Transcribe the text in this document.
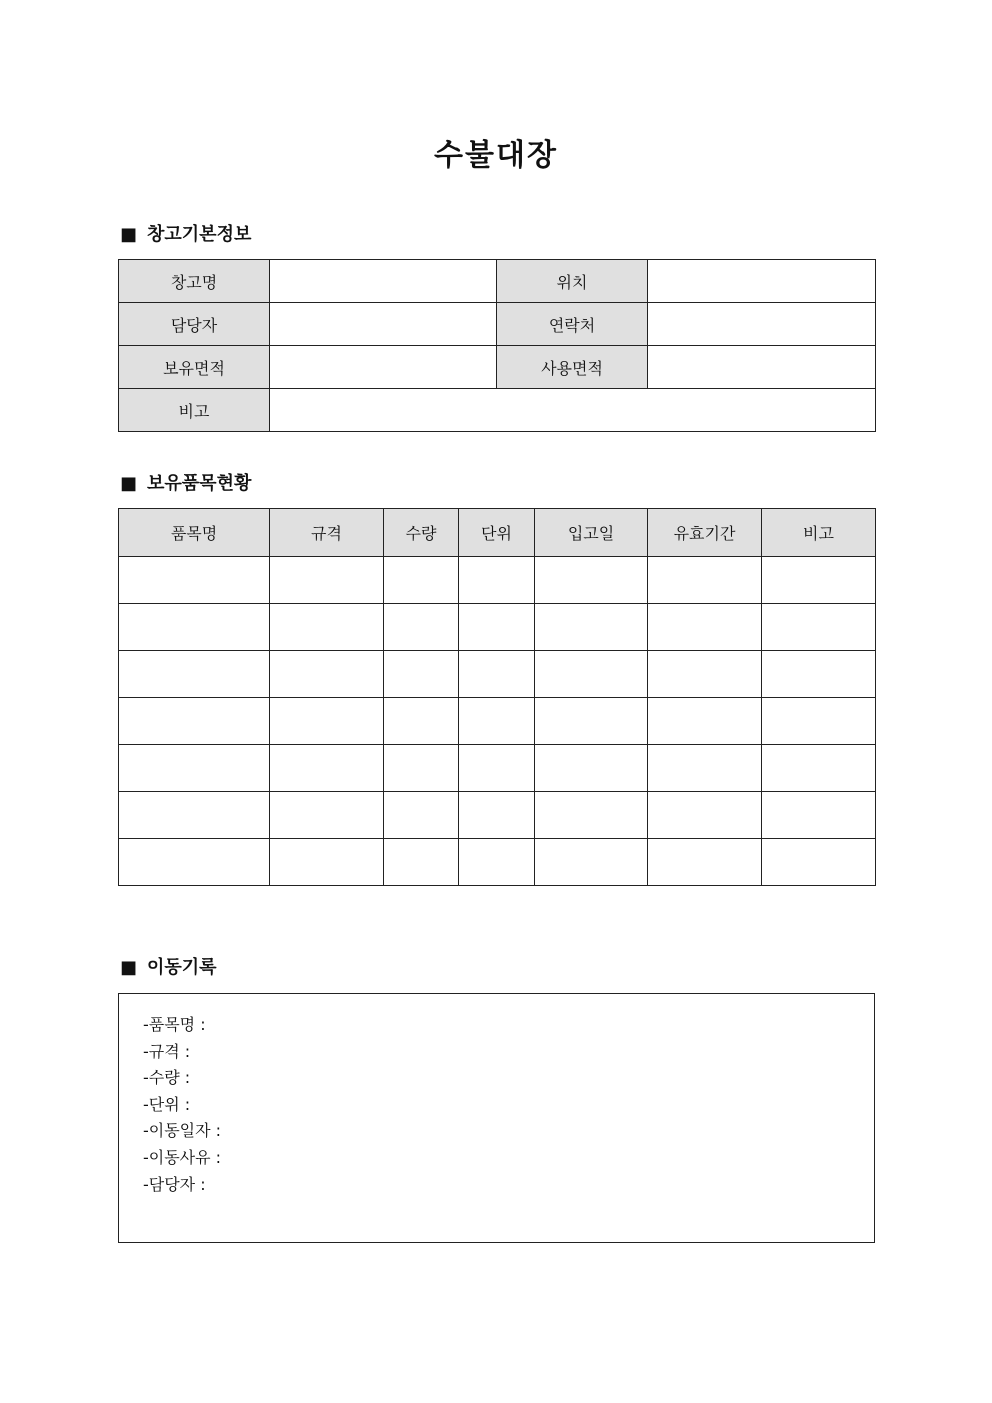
수불대장
■ 창고기본정보
창고명		위치	
담당자		연락처	
보유면적		사용면적	
비고			
■ 보유품목현황
품목명	규격	수량	단위	입고일	유효기간	비고

■ 이동기록
-품목명 :
-규격 :
-수량 :
-단위 :
-이동일자 :
-이동사유 :
-담당자 :
